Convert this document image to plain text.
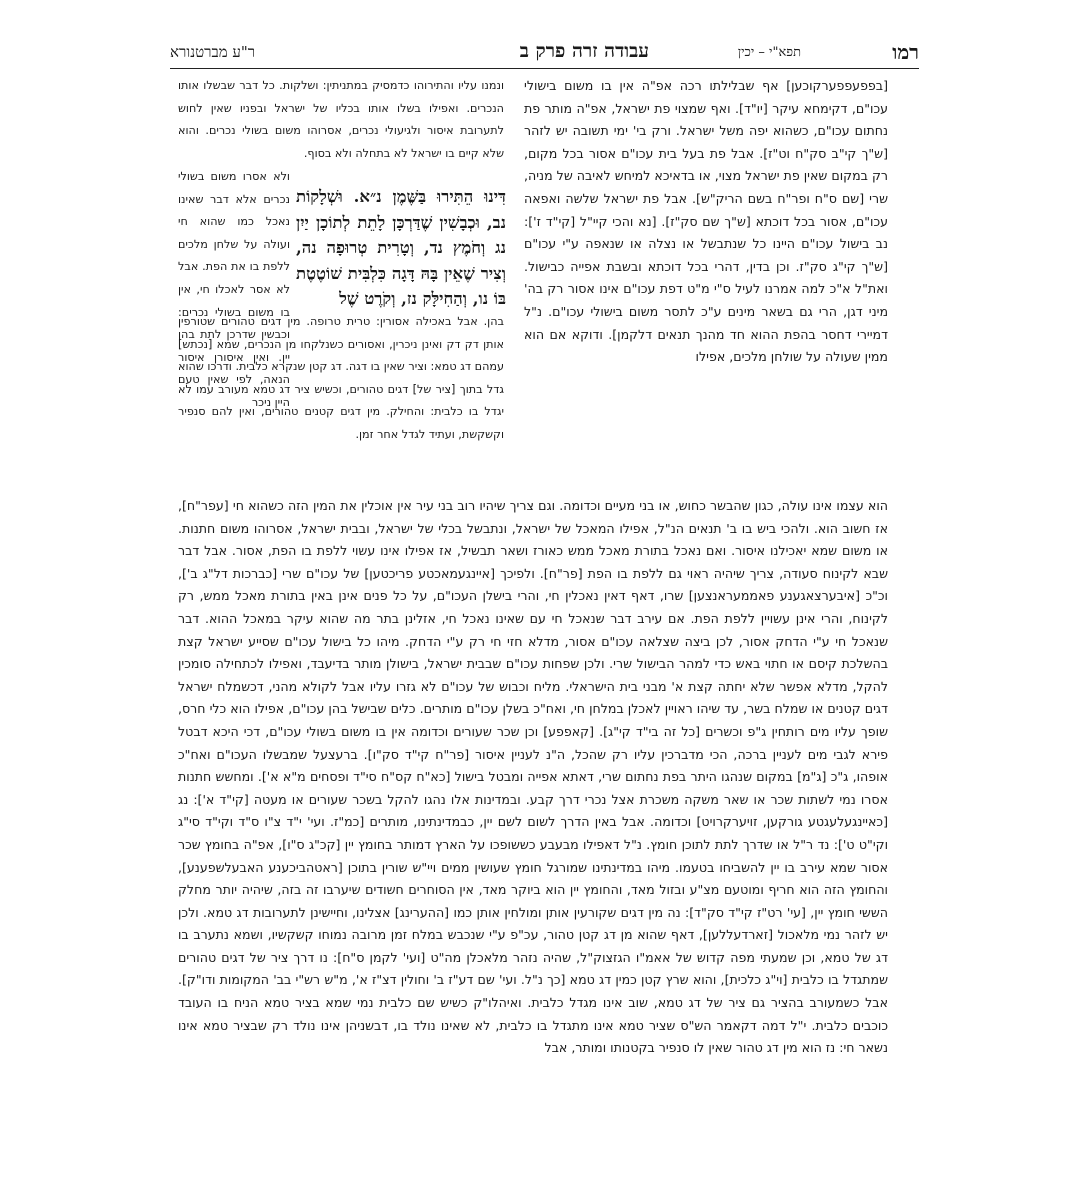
רמו
תפא"י – יכין
עבודה זרה פרק ב
ר"ע מברטנורא

ונמנו עליו והתירוהו כדמסיק במתניתין: ושלקות. כל דבר שבשלו אותו הנכרים. ואפילו בשלו אותו בכליו של ישראל ובפניו שאין לחוש לתערובת איסור ולגיעולי נכרים, אסרוהו משום בשולי נכרים. והוא שלא קיים בו ישראל לא בתחלה ולא בסוף.

ולא אסרו משום בשולי נכרים אלא דבר שאינו נאכל כמו שהוא חי ועולה על שלחן מלכים ללפת בו את הפת. אבל לא אסר לאכלו חי, אין בו משום בשולי נכרים: וכבשין שדרכן לתת בהן יין. ואין איסורן איסור הנאה, לפי שאין טעם היין ניכר

דִּינוּ הֵתִּירוּ בַּשֶּׁמֶן נ״א. וּשְׁלָקוֹת נב, וּכְבָשִׁין שֶׁדַּרְכָּן לָתֵת לְתוֹכָן יַיִן נג וְחֹמֶץ נד, וְטָרִית טְרוּפָה נה, וְצִיר שֶׁאֵין בָּהּ דָּגָה כִּלְבִּית שׁוֹטֶטֶת בּוֹ נו, וְהַחִילָּק נז, וְקֹרֶט שֶׁל

בהן. אבל באכילה אסורין: טרית טרופה. מין דגים טהורים שטורפין אותן דק דק ואינן ניכרין, ואסורים כשנלקחו מן הנכרים, שמא [נכתש] עמהם דג טמא: וציר שאין בו דגה. דג קטן שנקרא כלבית. ודרכו שהוא גדל בתוך [ציר של] דגים טהורים, וכשיש ציר דג טמא מעורב עמו לא יגדל בו כלבית: והחילק. מין דגים קטנים טהורים, ואין להם סנפיר וקשקשת, ועתיד לגדל אחר זמן.

[בפפעפפערקוכען] אף שבלילתו רכה אפ"ה אין בו משום בישולי עכו"ם, דקימחא עיקר [יו"ד]. ואף שמצוי פת ישראל, אפ"ה מותר פת נחתום עכו"ם, כשהוא יפה משל ישראל. ורק בי' ימי תשובה יש לזהר [ש"ך קי"ב סק"ח וט"ז]. אבל פת בעל בית עכו"ם אסור בכל מקום, רק במקום שאין פת ישראל מצוי, או בדאיכא למיחש לאיבה של מניה, שרי [שם ס"ח ופר"ח בשם הריק"ש]. אבל פת ישראל שלשה ואפאה עכו"ם, אסור בכל דוכתא [ש"ך שם סק"ז]. [נא והכי קיי"ל [קי"ד ז']: נב בישול עכו"ם היינו כל שנתבשל או נצלה או שנאפה ע"י עכו"ם [ש"ך קי"ג סק"ז. וכן בדין, דהרי בכל דוכתא ובשבת אפייה כבישול. ואת"ל א"כ למה אמרנו לעיל ס"י מ"ט דפת עכו"ם אינו אסור רק בה' מיני דגן, הרי גם בשאר מינים ע"כ לתסר משום בישולי עכו"ם. נ"ל דמיירי דחסר בהפת ההוא חד מהנך תנאים דלקמן]. ודוקא אם הוא ממין שעולה על שולחן מלכים, אפילו

הוא עצמו אינו עולה, כגון שהבשר כחוש, או בני מעיים וכדומה. וגם צריך שיהיו רוב בני עיר אין אוכלין את המין הזה כשהוא חי [עפר"ח], אז חשוב הוא. ולהכי ביש בו ב' תנאים הנ"ל, אפילו המאכל של ישראל, ונתבשל בכלי של ישראל, ובבית ישראל, אסרוהו משום חתנות. או משום שמא יאכילנו איסור. ואם נאכל בתורת מאכל ממש כאורז ושאר תבשיל, אז אפילו אינו עשוי ללפת בו הפת, אסור. אבל דבר שבא לקינוח סעודה, צריך שיהיה ראוי גם ללפת בו הפת [פר"ח]. ולפיכך [איינגעמאכטע פריכטען] של עכו"ם שרי [כברכות דל"ג ב'], וכ"כ [איבערצאגענע פאממעראנצען] שרו, דאף דאין נאכלין חי, והרי בישלן העכו"ם, על כל פנים אינן באין בתורת מאכל ממש, רק לקינוח, והרי אינן עשויין ללפת הפת. אם עירב דבר שנאכל חי עם שאינו נאכל חי, אזלינן בתר מה שהוא עיקר במאכל ההוא. דבר שנאכל חי ע"י הדחק אסור, לכן ביצה שצלאה עכו"ם אסור, מדלא חזי חי רק ע"י הדחק. מיהו כל בישול עכו"ם שסייע ישראל קצת בהשלכת קיסם או חתוי באש כדי למהר הבישול שרי. ולכן שפחות עכו"ם שבבית ישראל, בישולן מותר בדיעבד, ואפילו לכתחילה סומכין להקל, מדלא אפשר שלא יחתה קצת א' מבני בית הישראלי. מליח וכבוש של עכו"ם לא גזרו עליו אבל לקולא מהני, דכשמלח ישראל דגים קטנים או שמלח בשר, עד שיהו ראויין לאכלן במלחן חי, ואח"כ בשלן עכו"ם מותרים. כלים שבישל בהן עכו"ם, אפילו הוא כלי חרס, שופך עליו מים רותחין ג"פ וכשרים [כל זה בי"ד קי"ג]. [קאפפע] וכן שכר שעורים וכדומה אין בו משום בשולי עכו"ם, דכי היכא דבטל פירא לגבי מים לעניין ברכה, הכי מדברכין עליו רק שהכל, ה"נ לעניין איסור [פר"ח קי"ד סק"ו]. ברעצעל שמבשלו העכו"ם ואח"כ אופהו, ג"כ [ג"מ] במקום שנהגו היתר בפת נחתום שרי, דאתא אפייה ומבטל בישול [כא"ח קס"ח סי"ד ופסחים מ"א א']. ומחשש חתנות אסרו נמי לשתות שכר או שאר משקה משכרת אצל נכרי דרך קבע. ובמדינות אלו נהגו להקל בשכר שעורים או מעטה [קי"ד א']: נג [כאיינגעלעגטע גורקען, זויערקרויט] וכדומה. אבל באין הדרך לשום לשם יין, כבמדינתינו, מותרים [כמ"ז. ועי' י"ד צ"ו ס"ד וקי"ד סי"ג וקי"ט ט']: נד ר"ל או שדרך לתת לתוכן חומץ. נ"ל דאפילו מבעבע כששופכו על הארץ דמותר בחומץ יין [קכ"ג ס"ו], אפ"ה בחומץ שכר אסור שמא עירב בו יין להשביחו בטעמו. מיהו במדינתינו שמורגל חומץ שעושין ממים ויי"ש שורין בתוכן [ראטהביכענע האבעלשפענע], והחומץ הזה הוא חריף ומוטעם מצ"ע ובזול מאד, והחומץ יין הוא ביוקר מאד, אין הסוחרים חשודים שיערבו זה בזה, שיהיה יותר מחלק הששי חומץ יין, [עי' רט"ז קי"ד סק"ד]: נה מין דגים שקורעין אותן ומולחין אותן כמו [ההערינג] אצלינו, וחיישינן לתערובות דג טמא. ולכן יש לזהר נמי מלאכול [זארדעללען], דאף שהוא מן דג קטן טהור, עכ"פ ע"י שנכבש במלח זמן מרובה נמוחו קשקשיו, ושמא נתערב בו דג של טמא, וכן שמעתי מפה קדוש של אאמ"ו הגזצוק"ל, שהיה נזהר מלאכלן מה"ט [ועי' לקמן ס"ח]: נו דרך ציר של דגים טהורים שמתגדל בו כלבית [וי"ג כלכית], והוא שרץ קטן כמין דג טמא [כך נ"ל. ועי' שם דע"ז ב' וחולין דצ"ז א', מ"ש רש"י בב' המקומות ודו"ק]. אבל כשמעורב בהציר גם ציר של דג טמא, שוב אינו מגדל כלבית. ואיהלו"ק כשיש שם כלבית נמי שמא בציר טמא הניח בו העובד כוכבים כלבית. י"ל דמה דקאמר הש"ס שציר טמא אינו מתגדל בו כלבית, לא שאינו נולד בו, דבשניהן אינו נולד רק שבציר טמא אינו נשאר חי: נז הוא מין דג טהור שאין לו סנפיר בקטנותו ומותר, אבל
